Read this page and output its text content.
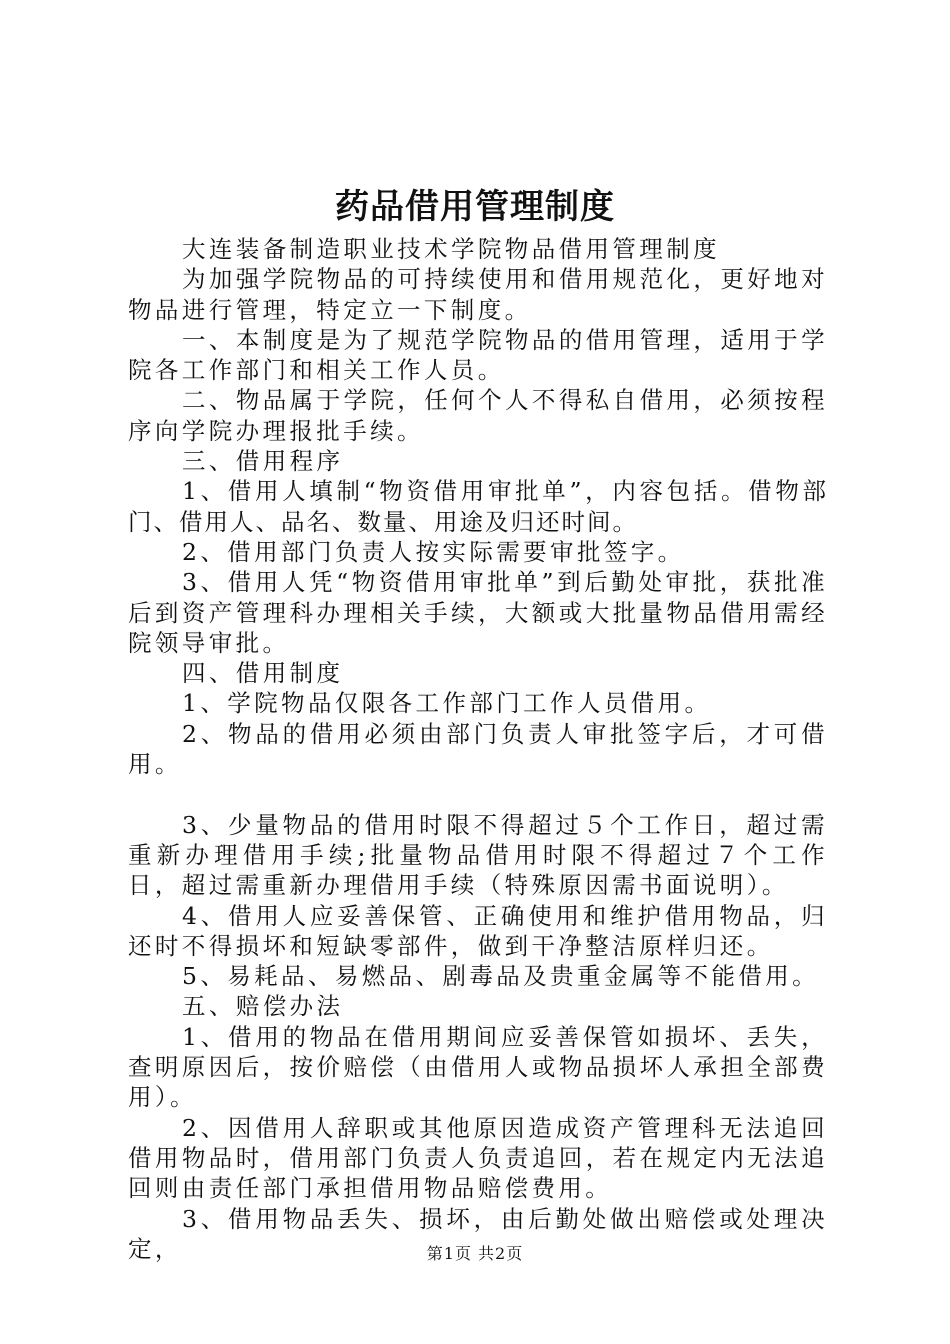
药品借用管理制度

大连装备制造职业技术学院物品借用管理制度

为加强学院物品的可持续使用和借用规范化，更好地对物品进行管理，特定立一下制度。

一、本制度是为了规范学院物品的借用管理，适用于学院各工作部门和相关工作人员。

二、物品属于学院，任何个人不得私自借用，必须按程序向学院办理报批手续。

三、借用程序

1、借用人填制“物资借用审批单”，内容包括。借物部门、借用人、品名、数量、用途及归还时间。

2、借用部门负责人按实际需要审批签字。

3、借用人凭“物资借用审批单”到后勤处审批，获批准后到资产管理科办理相关手续，大额或大批量物品借用需经院领导审批。

四、借用制度

1、学院物品仅限各工作部门工作人员借用。

2、物品的借用必须由部门负责人审批签字后，才可借用。

3、少量物品的借用时限不得超过５个工作日，超过需重新办理借用手续;批量物品借用时限不得超过７个工作日，超过需重新办理借用手续（特殊原因需书面说明）。

4、借用人应妥善保管、正确使用和维护借用物品，归还时不得损坏和短缺零部件，做到干净整洁原样归还。

5、易耗品、易燃品、剧毒品及贵重金属等不能借用。

五、赔偿办法

1、借用的物品在借用期间应妥善保管如损坏、丢失，查明原因后，按价赔偿（由借用人或物品损坏人承担全部费用）。

2、因借用人辞职或其他原因造成资产管理科无法追回借用物品时，借用部门负责人负责追回，若在规定内无法追回则由责任部门承担借用物品赔偿费用。

3、借用物品丢失、损坏，由后勤处做出赔偿或处理决定，	第1页 共2页
